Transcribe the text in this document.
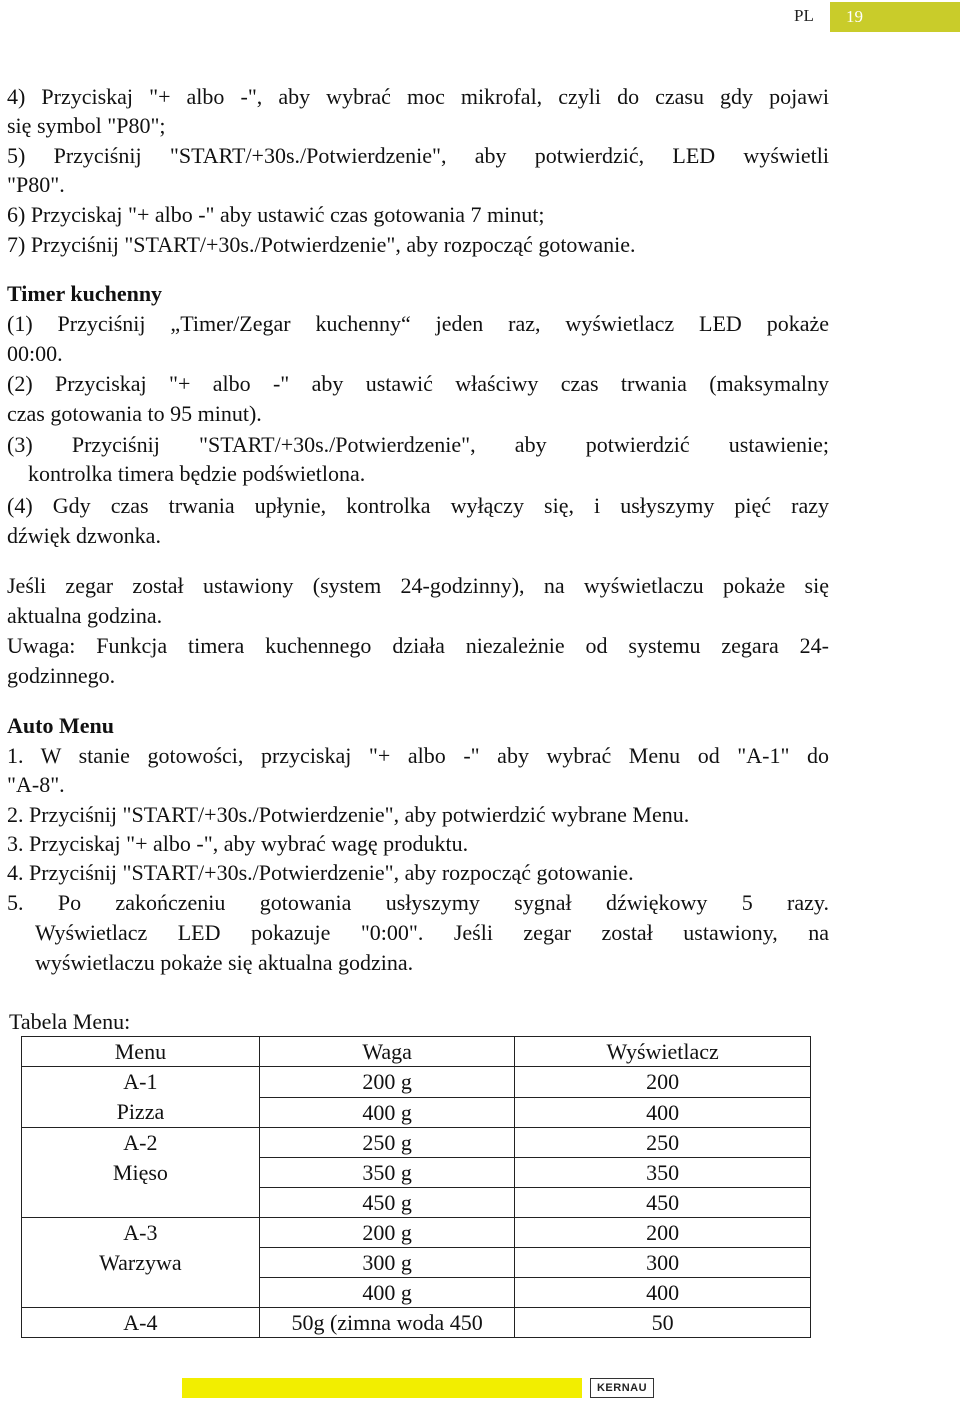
PL 19
4) Przyciskaj "+ albo -", aby wybrać moc mikrofal, czyli do czasu gdy pojawi
się symbol "P80";
5) Przyciśnij "START/+30s./Potwierdzenie", aby potwierdzić, LED wyświetli
"P80".
6) Przyciskaj "+ albo -" aby ustawić czas gotowania 7 minut;
7) Przyciśnij "START/+30s./Potwierdzenie", aby rozpocząć gotowanie.
Timer kuchenny
(1) Przyciśnij „Timer/Zegar kuchenny“ jeden raz, wyświetlacz LED pokaże
00:00.
(2) Przyciskaj "+ albo -" aby ustawić właściwy czas trwania (maksymalny
czas gotowania to 95 minut).
(3) Przyciśnij "START/+30s./Potwierdzenie", aby potwierdzić ustawienie;
kontrolka timera będzie podświetlona.
(4) Gdy czas trwania upłynie, kontrolka wyłączy się, i usłyszymy pięć razy
dźwięk dzwonka.
Jeśli zegar został ustawiony (system 24-godzinny), na wyświetlaczu pokaże się
aktualna godzina.
Uwaga: Funkcja timera kuchennego działa niezależnie od systemu zegara 24-
godzinnego.
Auto Menu
1. W stanie gotowości, przyciskaj "+ albo -" aby wybrać Menu od "A-1" do
"A-8".
2. Przyciśnij "START/+30s./Potwierdzenie", aby potwierdzić wybrane Menu.
3. Przyciskaj "+ albo -", aby wybrać wagę produktu.
4. Przyciśnij "START/+30s./Potwierdzenie", aby rozpocząć gotowanie.
5. Po zakończeniu gotowania usłyszymy sygnał dźwiękowy 5 razy.
Wyświetlacz LED pokazuje "0:00". Jeśli zegar został ustawiony, na
wyświetlaczu pokaże się aktualna godzina.
Tabela Menu:
Menu	Waga	Wyświetlacz

A-1
Pizza	200 g	200
	400 g	400

A-2
Mięso	250 g	250
	350 g	350
	450 g	450

A-3
Warzywa	200 g	200
	300 g	300
	400 g	400
A-4	50g (zimna woda 450	50
KERNAU
